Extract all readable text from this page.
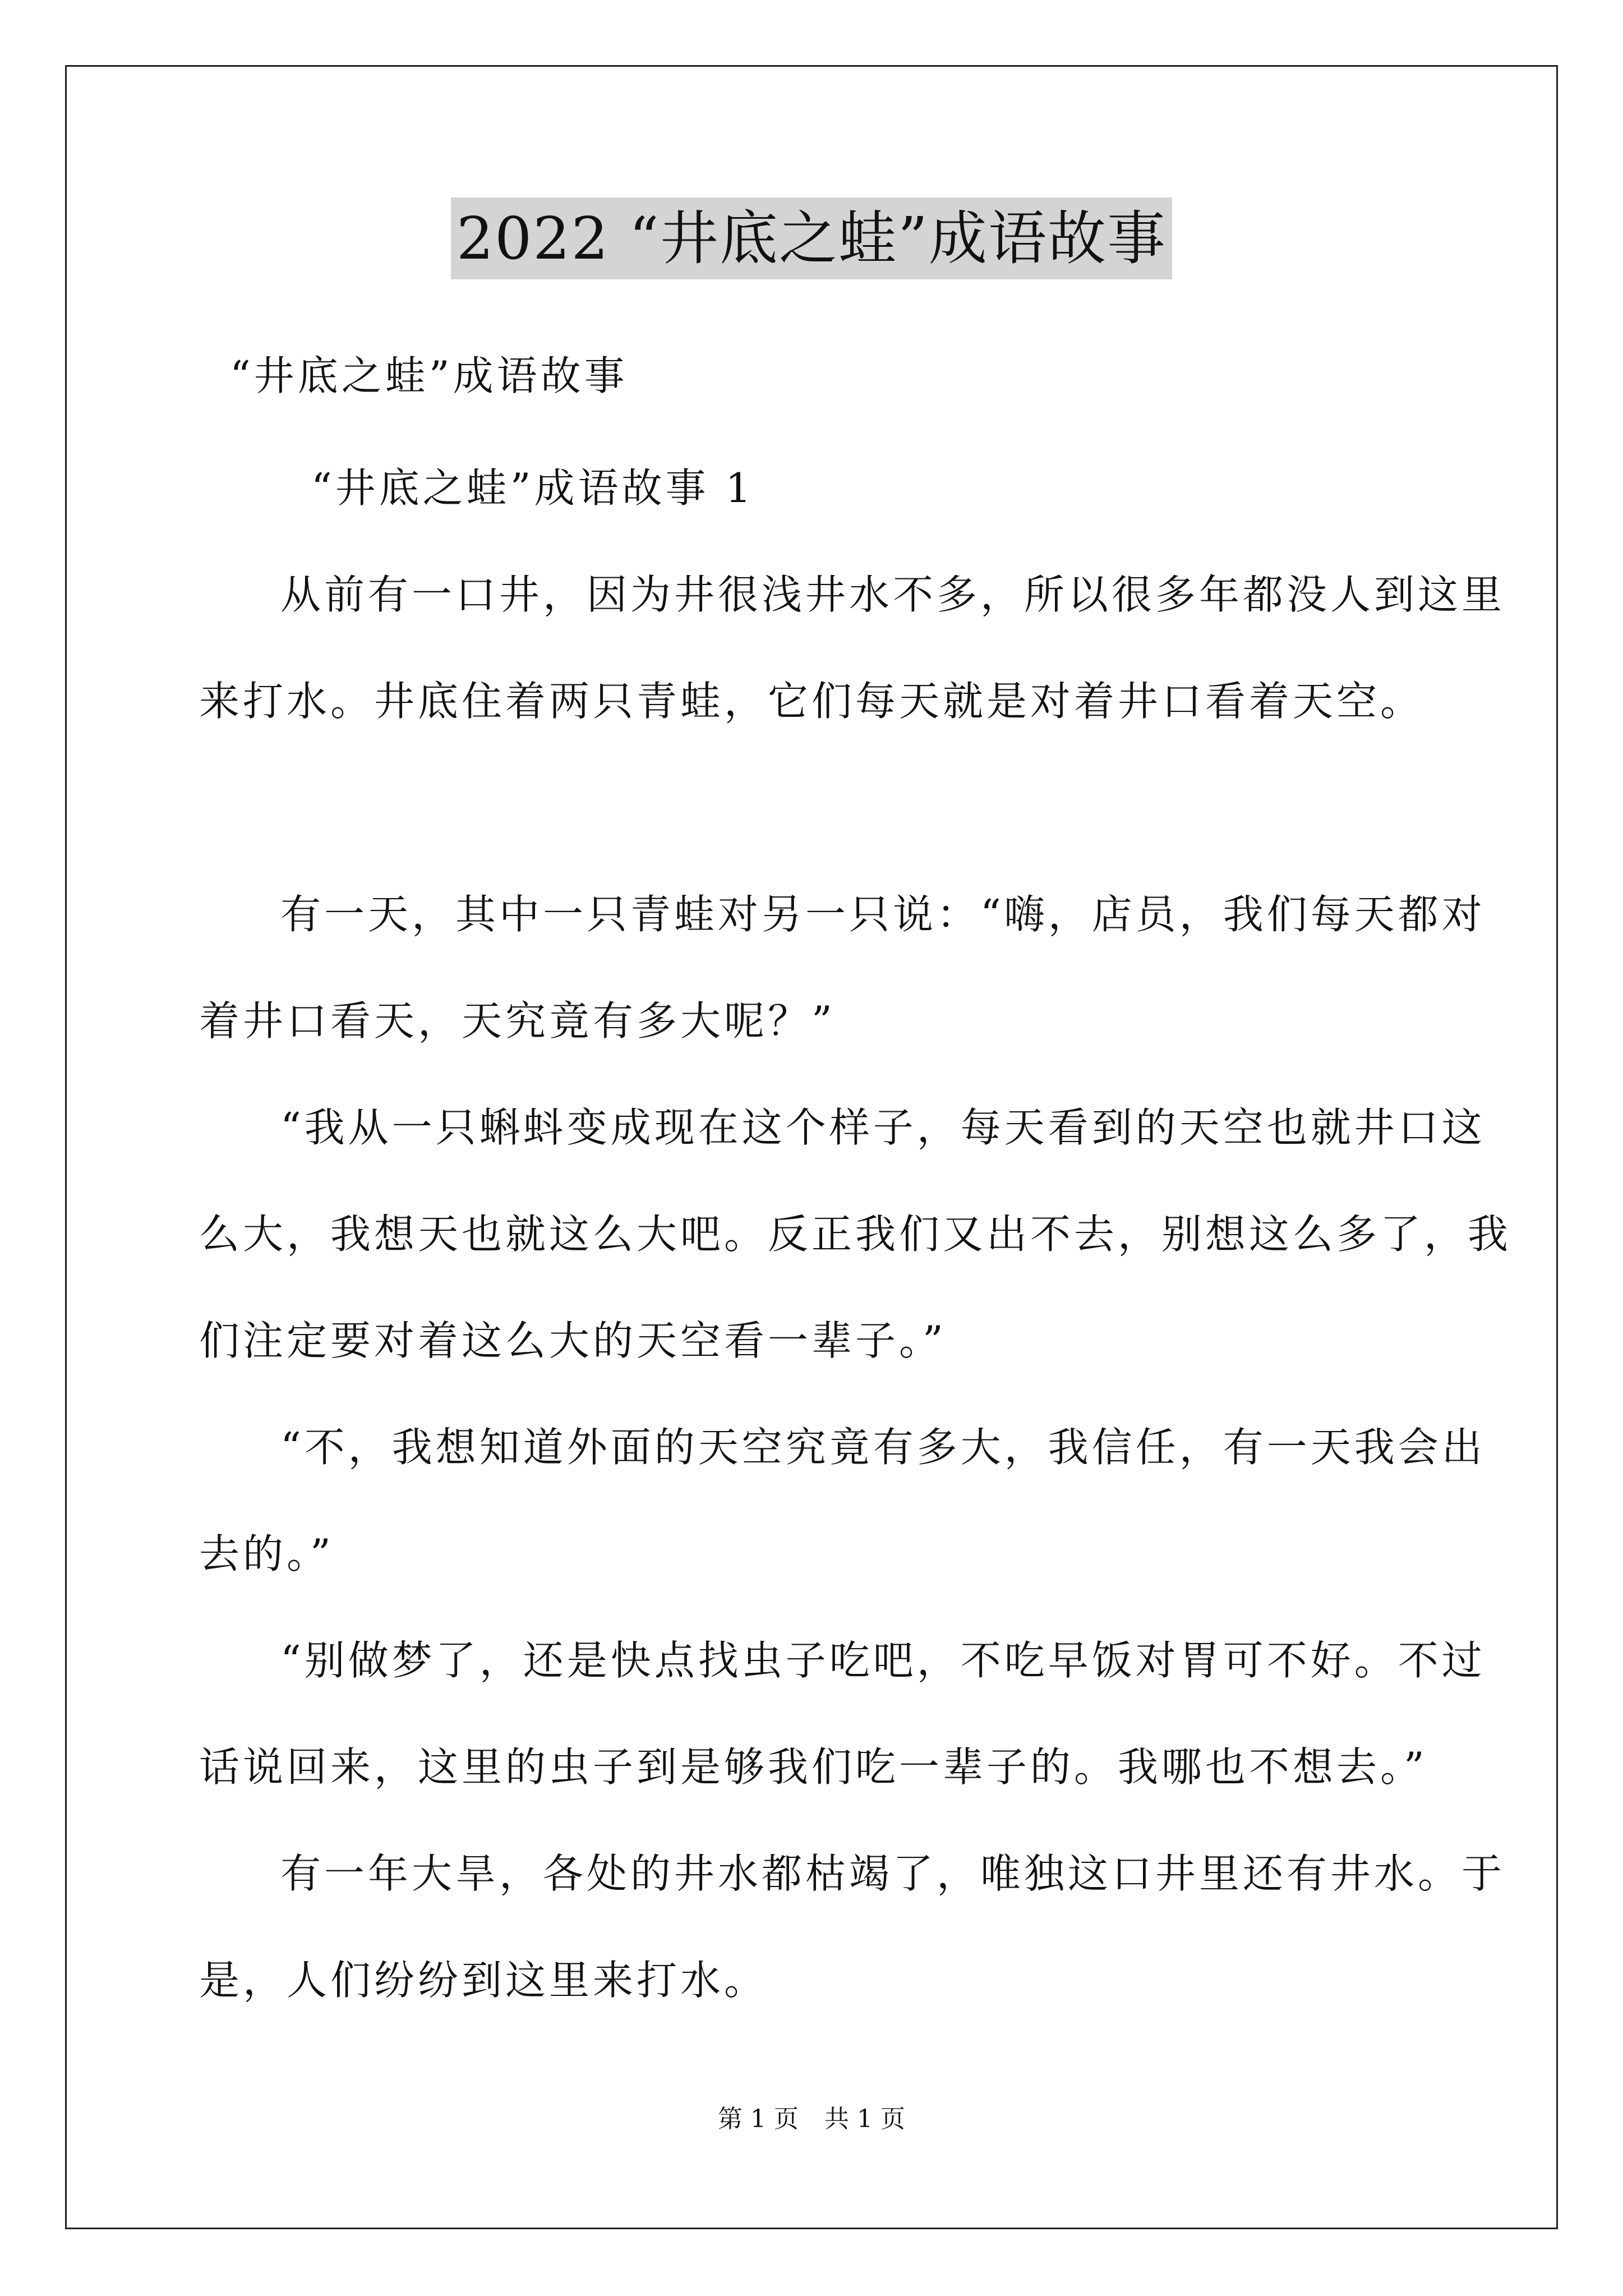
2022 “井底之蛙”成语故事
“井底之蛙”成语故事
“井底之蛙”成语故事 1
从前有一口井，因为井很浅井水不多，所以很多年都没人到这里
来打水。井底住着两只青蛙，它们每天就是对着井口看着天空。
有一天，其中一只青蛙对另一只说：“嗨，店员，我们每天都对
着井口看天，天究竟有多大呢？”
“我从一只蝌蚪变成现在这个样子，每天看到的天空也就井口这
么大，我想天也就这么大吧。反正我们又出不去，别想这么多了，我
们注定要对着这么大的天空看一辈子。”
“不，我想知道外面的天空究竟有多大，我信任，有一天我会出
去的。”
“别做梦了，还是快点找虫子吃吧，不吃早饭对胃可不好。不过
话说回来，这里的虫子到是够我们吃一辈子的。我哪也不想去。”
有一年大旱，各处的井水都枯竭了，唯独这口井里还有井水。于
是，人们纷纷到这里来打水。
第 1 页 共 1 页
